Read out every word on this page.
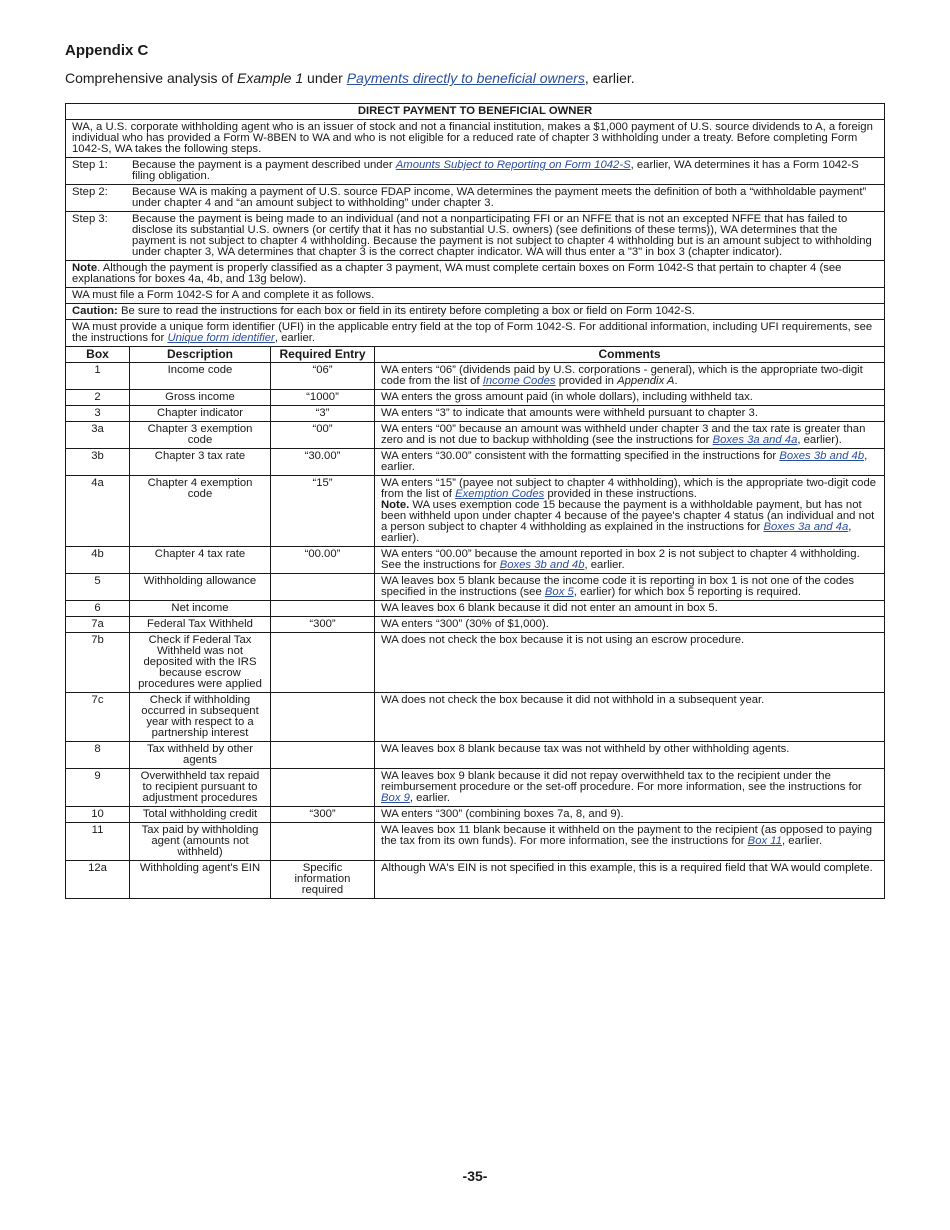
Appendix C

Comprehensive analysis of Example 1 under Payments directly to beneficial owners, earlier.

DIRECT PAYMENT TO BENEFICIAL OWNER			
WA, a U.S. corporate withholding agent who is an issuer of stock and not a financial institution, makes a $1,000 payment of U.S. source dividends to A, a foreign individual who has provided a Form W-8BEN to WA and who is not eligible for a reduced rate of chapter 3 withholding under a treaty. Before completing Form 1042-S, WA takes the following steps.			

Step 1: Because the payment is a payment described under Amounts Subject to Reporting on Form 1042-S, earlier, WA determines it has a Form 1042-S filing obligation.			

Step 2: Because WA is making a payment of U.S. source FDAP income, WA determines the payment meets the definition of both a “withholdable payment” under chapter 4 and “an amount subject to withholding” under chapter 3.			

Step 3: Because the payment is being made to an individual (and not a nonparticipating FFI or an NFFE that is not an excepted NFFE that has failed to disclose its substantial U.S. owners (or certify that it has no substantial U.S. owners) (see definitions of these terms)), WA determines that the payment is not subject to chapter 4 withholding. Because the payment is not subject to chapter 4 withholding but is an amount subject to withholding under chapter 3, WA determines that chapter 3 is the correct chapter indicator. WA will thus enter a "3" in box 3 (chapter indicator).			

Note. Although the payment is properly classified as a chapter 3 payment, WA must complete certain boxes on Form 1042-S that pertain to chapter 4 (see explanations for boxes 4a, 4b, and 13g below).			
WA must file a Form 1042-S for A and complete it as follows.			
Caution: Be sure to read the instructions for each box or field in its entirety before completing a box or field on Form 1042-S.			
WA must provide a unique form identifier (UFI) in the applicable entry field at the top of Form 1042-S. For additional information, including UFI requirements, see the instructions for Unique form identifier, earlier.			
Box	Description	Required Entry	Comments
1	Income code	“06”	WA enters “06” (dividends paid by U.S. corporations - general), which is the appropriate two-digit code from the list of Income Codes provided in Appendix A.
2	Gross income	“1000”	WA enters the gross amount paid (in whole dollars), including withheld tax.
3	Chapter indicator	“3”	WA enters “3” to indicate that amounts were withheld pursuant to chapter 3.
3a	Chapter 3 exemption code	“00”	WA enters “00” because an amount was withheld under chapter 3 and the tax rate is greater than zero and is not due to backup withholding (see the instructions for Boxes 3a and 4a, earlier).
3b	Chapter 3 tax rate	“30.00”	WA enters “30.00” consistent with the formatting specified in the instructions for Boxes 3b and 4b, earlier.
4a	Chapter 4 exemption code	“15”	WA enters “15” (payee not subject to chapter 4 withholding), which is the appropriate two-digit code from the list of Exemption Codes provided in these instructions.
Note. WA uses exemption code 15 because the payment is a withholdable payment, but has not been withheld upon under chapter 4 because of the payee's chapter 4 status (an individual and not a person subject to chapter 4 withholding as explained in the instructions for Boxes 3a and 4a, earlier).
4b	Chapter 4 tax rate	“00.00”	WA enters “00.00” because the amount reported in box 2 is not subject to chapter 4 withholding. See the instructions for Boxes 3b and 4b, earlier.
5	Withholding allowance		WA leaves box 5 blank because the income code it is reporting in box 1 is not one of the codes specified in the instructions (see Box 5, earlier) for which box 5 reporting is required.
6	Net income		WA leaves box 6 blank because it did not enter an amount in box 5.
7a	Federal Tax Withheld	“300”	WA enters “300” (30% of $1,000).
7b	Check if Federal Tax Withheld was not deposited with the IRS because escrow procedures were applied		WA does not check the box because it is not using an escrow procedure.
7c	Check if withholding occurred in subsequent year with respect to a partnership interest		WA does not check the box because it did not withhold in a subsequent year.
8	Tax withheld by other agents		WA leaves box 8 blank because tax was not withheld by other withholding agents.
9	Overwithheld tax repaid to recipient pursuant to adjustment procedures		WA leaves box 9 blank because it did not repay overwithheld tax to the recipient under the reimbursement procedure or the set-off procedure. For more information, see the instructions for Box 9, earlier.
10	Total withholding credit	“300”	WA enters “300” (combining boxes 7a, 8, and 9).
11	Tax paid by withholding agent (amounts not withheld)		WA leaves box 11 blank because it withheld on the payment to the recipient (as opposed to paying the tax from its own funds). For more information, see the instructions for Box 11, earlier.
12a	Withholding agent's EIN	Specific information required	Although WA's EIN is not specified in this example, this is a required field that WA would complete.
-35-
